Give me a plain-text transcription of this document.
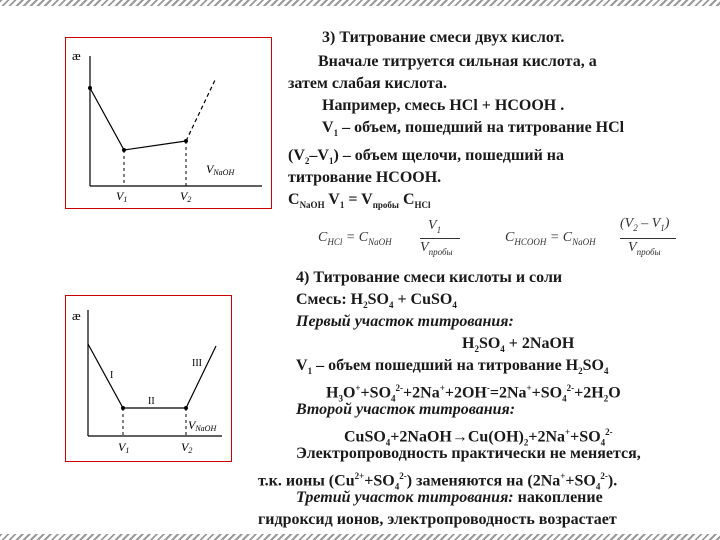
æ
VNaOH
V1	V2
æ
I
II
III
VNaOH
V1	V2
3) Титрование смеси двух кислот.
Вначале титруется сильная кислота, а
затем слабая кислота.
Например, смесь HCl + HCOOH .
$V_1$ – объем, пошедший на титрование HCl
$(V_2-V_1)$ – объем щелочи, пошедший на
титрование HCOOH.
$C_{NaOH}$ $V_1 = V_{пробы}$ $C_{HCl}$
$C_{HCl} = C_{NaOH}$
$V_1$
$V_{пробы}$
$C_{HCOOH} = C_{NaOH}$
$(V_2 - V_1)$
$V_{пробы}$
4) Титрование смеси кислоты и соли
Смесь: $H_2SO_4$ + CuSO$_4$
Первый участок титрования:
$H_2SO_4$ + 2NaOH
$V_1$ – объем пошедший на титрование $H_2SO_4$
$H_3O^++SO_4^{2-}+2Na^++2OH^-=2Na^++SO_4^{2-}+2H_2O$
Второй участок титрования:
$CuSO_4+2NaOH\to Cu(OH)_2+2Na^++SO_4^{2-}$
Электропроводность практически не меняется,
т.к. ионы $(Cu^{2+}+SO_4^{2-})$ заменяются на $(2Na^++SO_4^{2-})$.
Третий участок титрования: накопление
гидроксид ионов, электропроводность возрастает
